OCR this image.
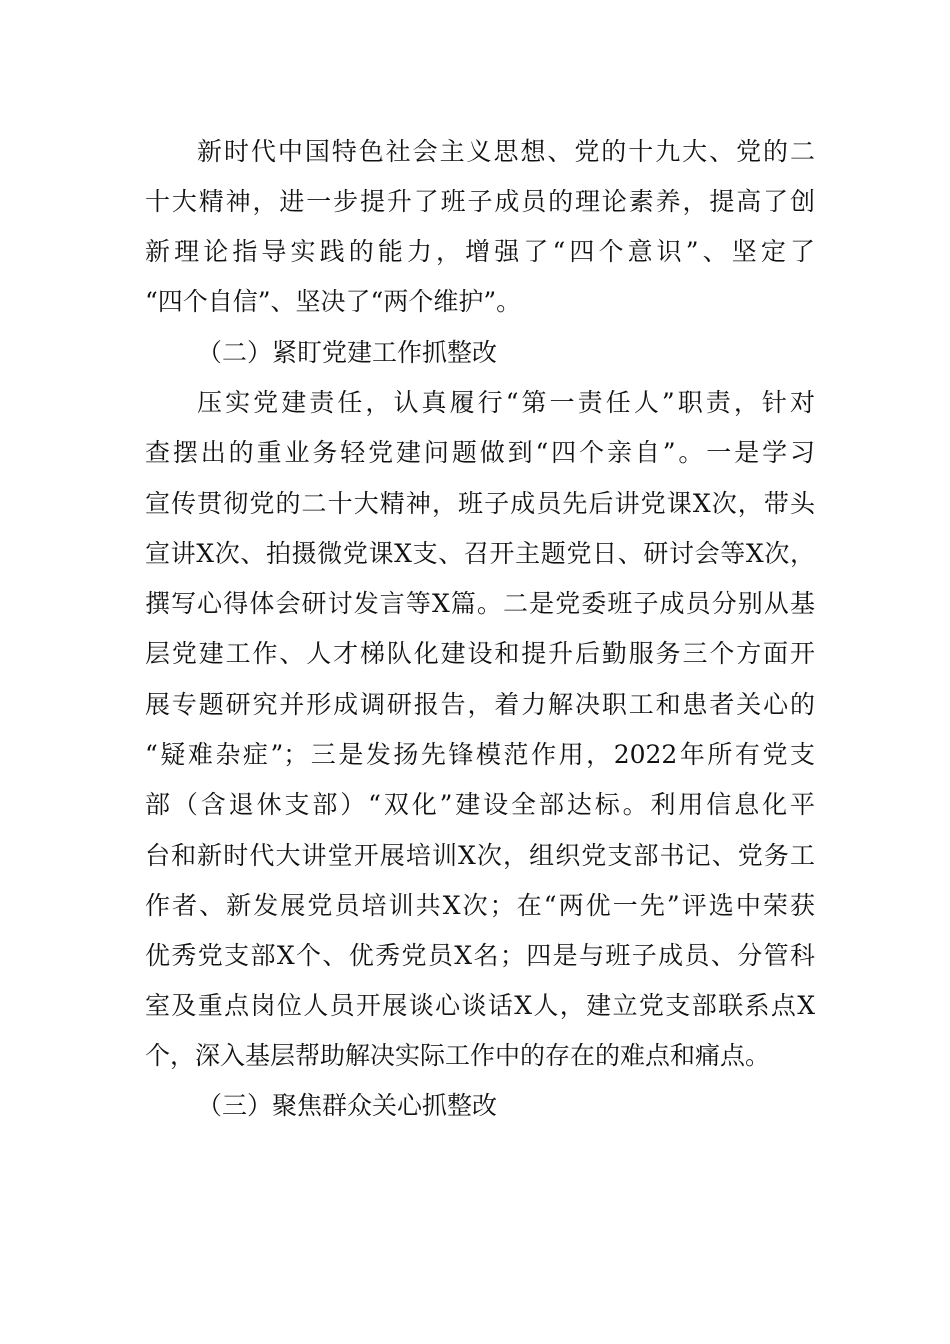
新时代中国特色社会主义思想、党的十九大、党的二
十大精神，进一步提升了班子成员的理论素养，提高了创
新理论指导实践的能力，增强了“四个意识”、坚定了
“四个自信”、坚决了“两个维护”。
（二）紧盯党建工作抓整改
压实党建责任，认真履行“第一责任人”职责，针对
查摆出的重业务轻党建问题做到“四个亲自”。一是学习
宣传贯彻党的二十大精神，班子成员先后讲党课X次，带头
宣讲X次、拍摄微党课X支、召开主题党日、研讨会等X次，
撰写心得体会研讨发言等X篇。二是党委班子成员分别从基
层党建工作、人才梯队化建设和提升后勤服务三个方面开
展专题研究并形成调研报告，着力解决职工和患者关心的
“疑难杂症”；三是发扬先锋模范作用，2022年所有党支
部（含退休支部）“双化”建设全部达标。利用信息化平
台和新时代大讲堂开展培训X次，组织党支部书记、党务工
作者、新发展党员培训共X次；在“两优一先”评选中荣获
优秀党支部X个、优秀党员X名；四是与班子成员、分管科
室及重点岗位人员开展谈心谈话X人，建立党支部联系点X
个，深入基层帮助解决实际工作中的存在的难点和痛点。
（三）聚焦群众关心抓整改
